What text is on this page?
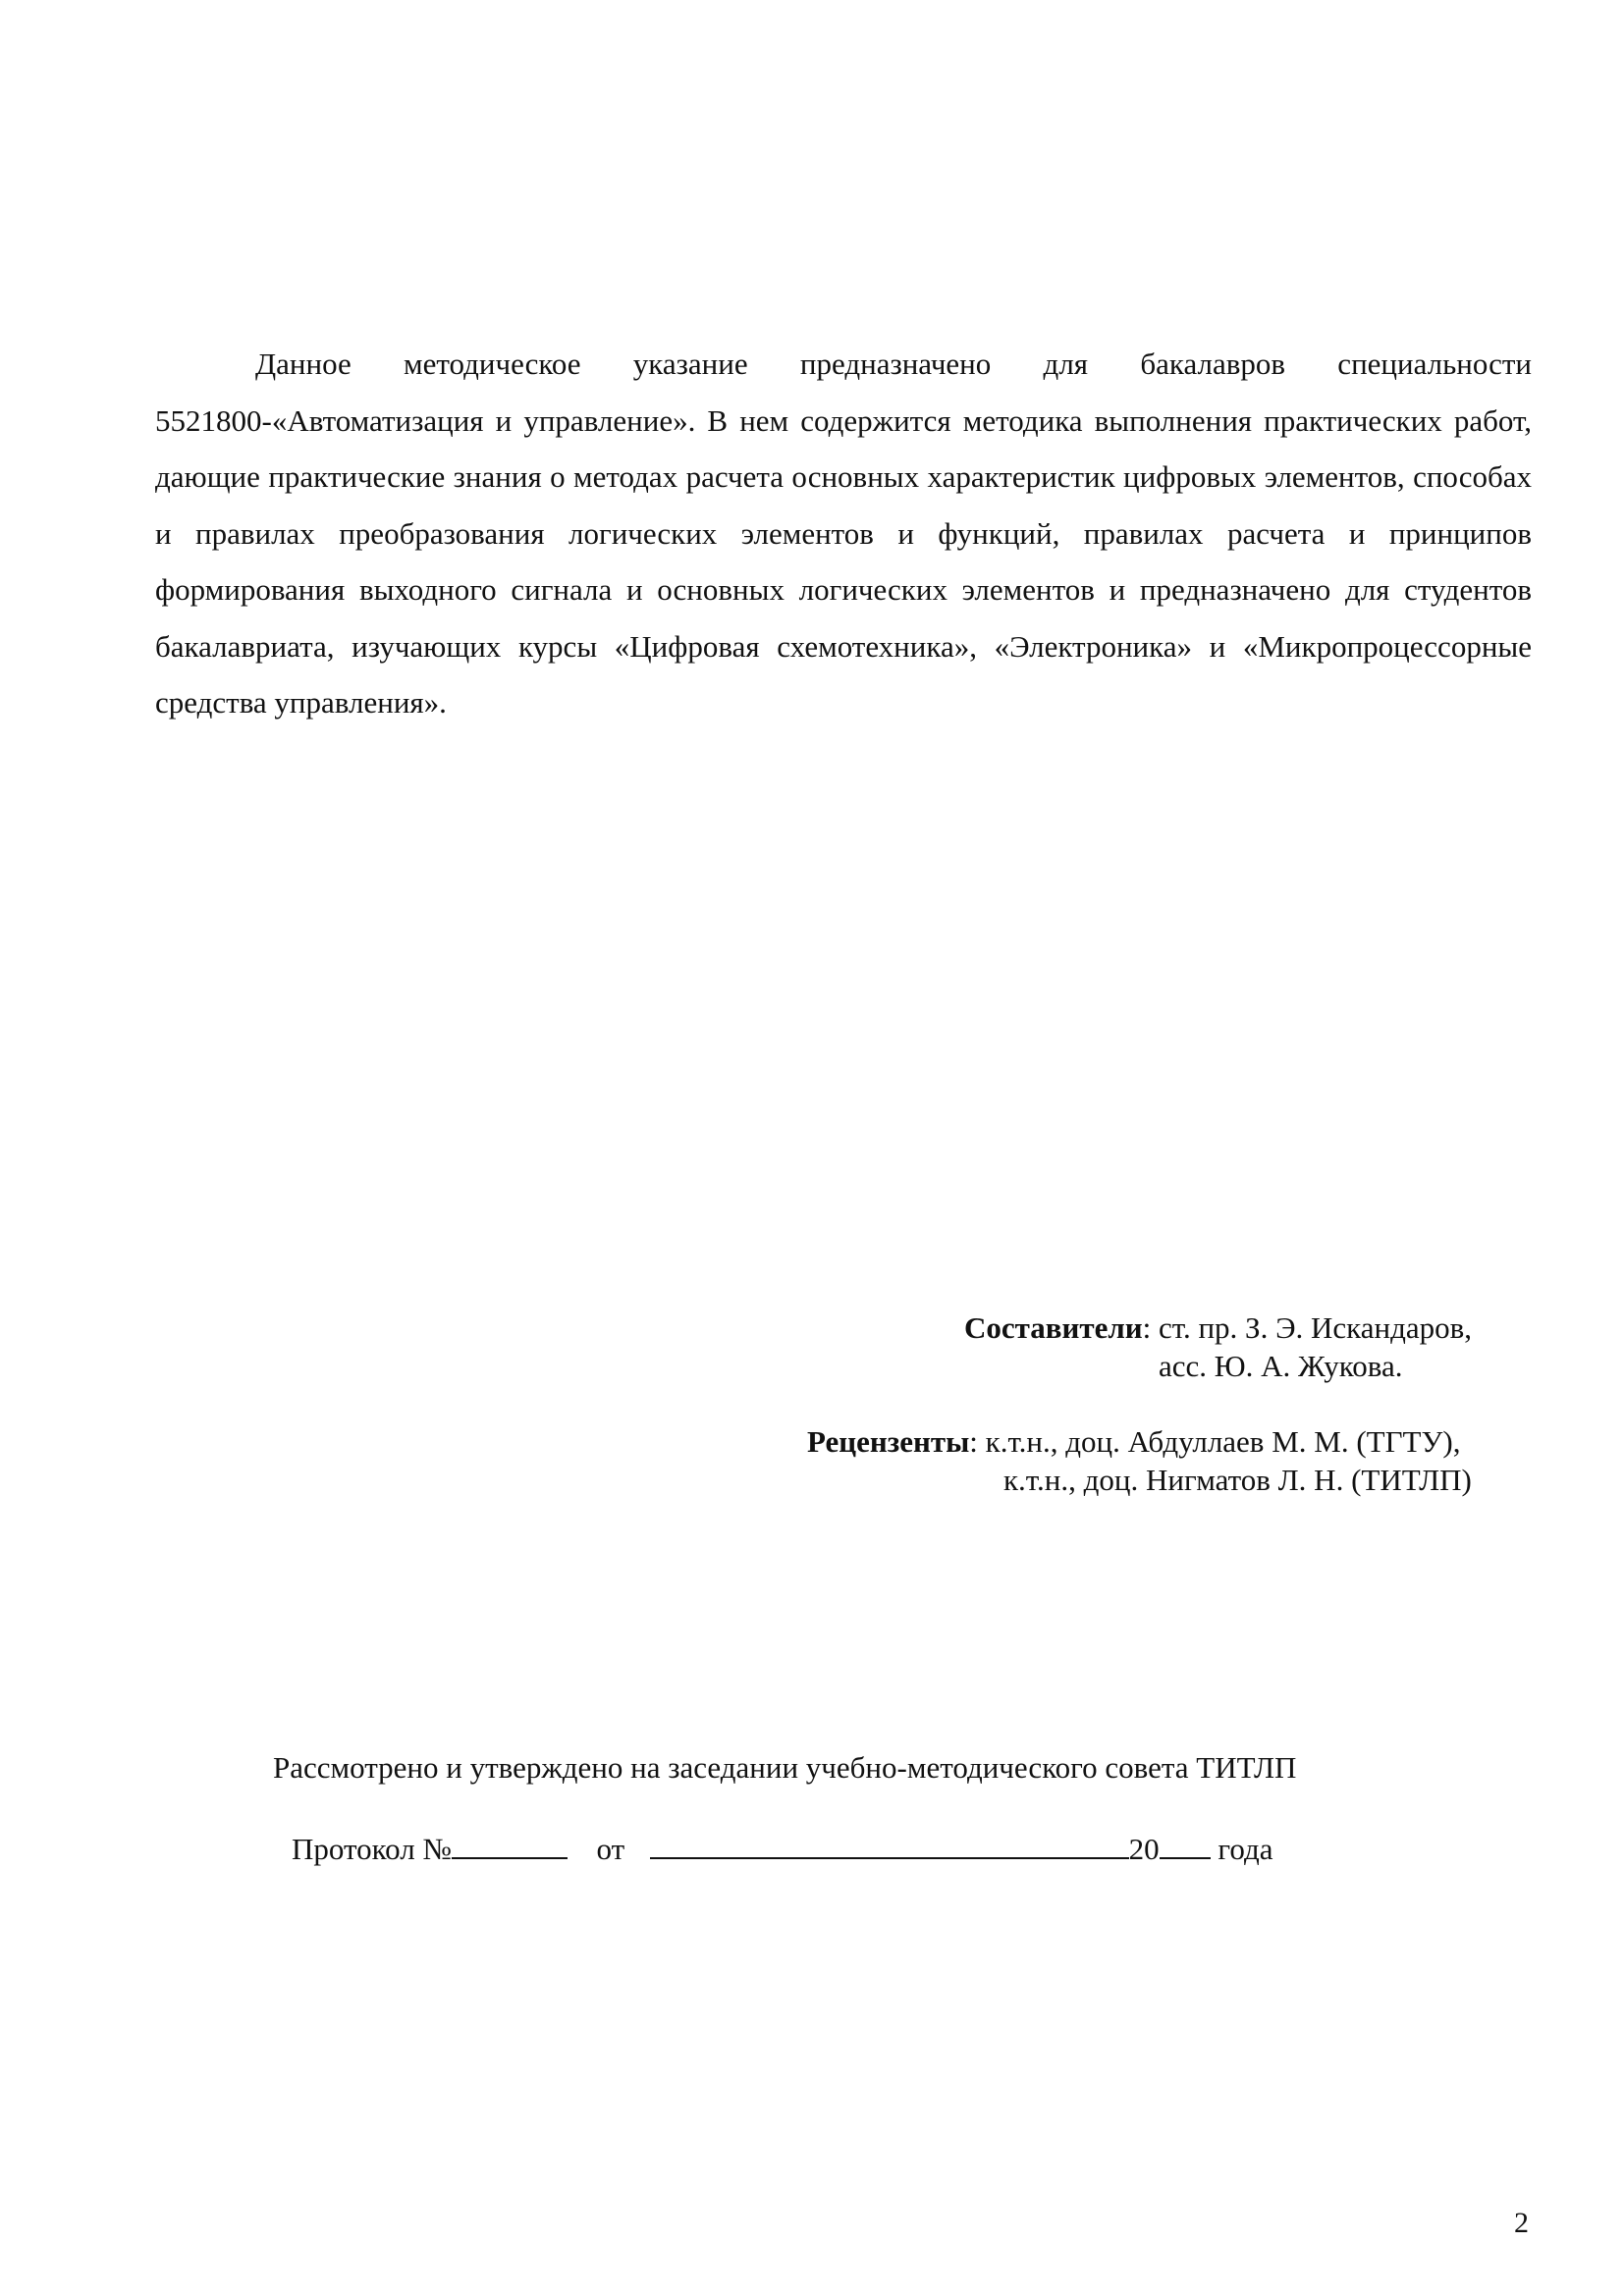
Данное методическое указание предназначено для бакалавров специальности 5521800-«Автоматизация и управление». В нем содержится методика выполнения практических работ, дающие практические знания о методах расчета основных характеристик цифровых элементов, способах и правилах преобразования логических элементов и функций, правилах расчета и принципов формирования выходного сигнала и основных логических элементов и предназначено для студентов бакалавриата, изучающих курсы «Цифровая схемотехника», «Электроника» и «Микропроцессорные средства управления».

Составители: ст. пр. З. Э. Искандаров,
асс. Ю. А. Жукова.
Рецензенты: к.т.н., доц. Абдуллаев М. М. (ТГТУ),
к.т.н., доц. Нигматов Л. Н. (ТИТЛП)
Рассмотрено и утверждено на заседании учебно-методического совета ТИТЛП
Протокол №	от	20 года
2
